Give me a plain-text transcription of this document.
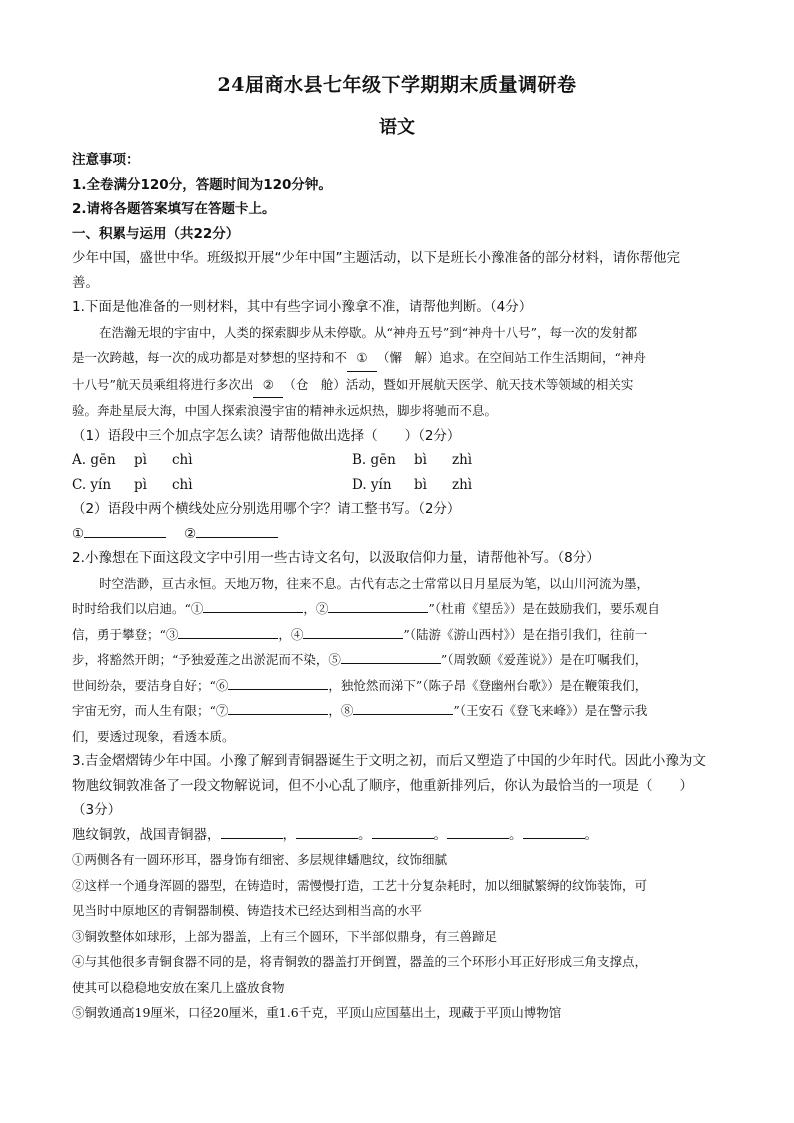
24届商水县七年级下学期期末质量调研卷
语文
注意事项：
1.全卷满分120分，答题时间为120分钟。
2.请将各题答案填写在答题卡上。
一、积累与运用（共22分）
少年中国，盛世中华。班级拟开展“少年中国”主题活动，以下是班长小豫准备的部分材料，请你帮他完
善。
1.下面是他准备的一则材料，其中有些字词小豫拿不准，请帮他判断。（4分）
在浩瀚无垠的宇宙中，人类的探索脚步从未停歇。从“神舟五号”到“神舟十八号”，每一次的发射都
是一次跨越，每一次的成功都是对梦想的坚持和不 ① （懈　解）追求。在空间站工作生活期间，“神舟
十八号”航天员乘组将进行多次出 ② （仓　舱）活动，暨如开展航天医学、航天技术等领域的相关实
验。奔赴星辰大海，中国人探索浪漫宇宙的精神永远炽热，脚步将驰而不息。
（1）语段中三个加点字怎么读？请帮他做出选择（　　）（2分）
A. gēn pì chì	B. gēn bì zhì
C. yín pì chì	D. yín bì zhì
（2）语段中两个横线处应分别选用哪个字？请工整书写。（2分）
①	②
2.小豫想在下面这段文字中引用一些古诗文名句，以汲取信仰力量，请帮他补写。（8分）
时空浩渺，亘古永恒。天地万物，往来不息。古代有志之士常常以日月星辰为笔，以山川河流为墨，
时时给我们以启迪。“①	，②	”（杜甫《望岳》）是在鼓励我们，要乐观自
信，勇于攀登；“③	，④	”（陆游《游山西村》）是在指引我们，往前一
步，将豁然开朗；“予独爱莲之出淤泥而不染，⑤	”（周敦颐《爱莲说》）是在叮嘱我们，
世间纷杂，要洁身自好；“⑥	，独怆然而涕下”（陈子昂《登幽州台歌》）是在鞭策我们，
宇宙无穷，而人生有限；“⑦	，⑧	”（王安石《登飞来峰》）是在警示我
们，要透过现象，看透本质。
3.吉金熠熠铸少年中国。小豫了解到青铜器诞生于文明之初，而后又塑造了中国的少年时代。因此小豫为文
物虺纹铜敦准备了一段文物解说词，但不小心乱了顺序，他重新排列后，你认为最恰当的一项是（　　）
（3分）
虺纹铜敦，战国青铜器，	，	。	。	。	。
①两侧各有一圆环形耳，器身饰有细密、多层规律蟠虺纹，纹饰细腻
②这样一个通身浑圆的器型，在铸造时，需慢慢打造，工艺十分复杂耗时，加以细腻繁缛的纹饰装饰，可
见当时中原地区的青铜器制模、铸造技术已经达到相当高的水平
③铜敦整体如球形，上部为器盖，上有三个圆环，下半部似鼎身，有三兽蹄足
④与其他很多青铜食器不同的是，将青铜敦的器盖打开倒置，器盖的三个环形小耳正好形成三角支撑点，
使其可以稳稳地安放在案几上盛放食物
⑤铜敦通高19厘米，口径20厘米，重1.6千克，平顶山应国墓出土，现藏于平顶山博物馆
